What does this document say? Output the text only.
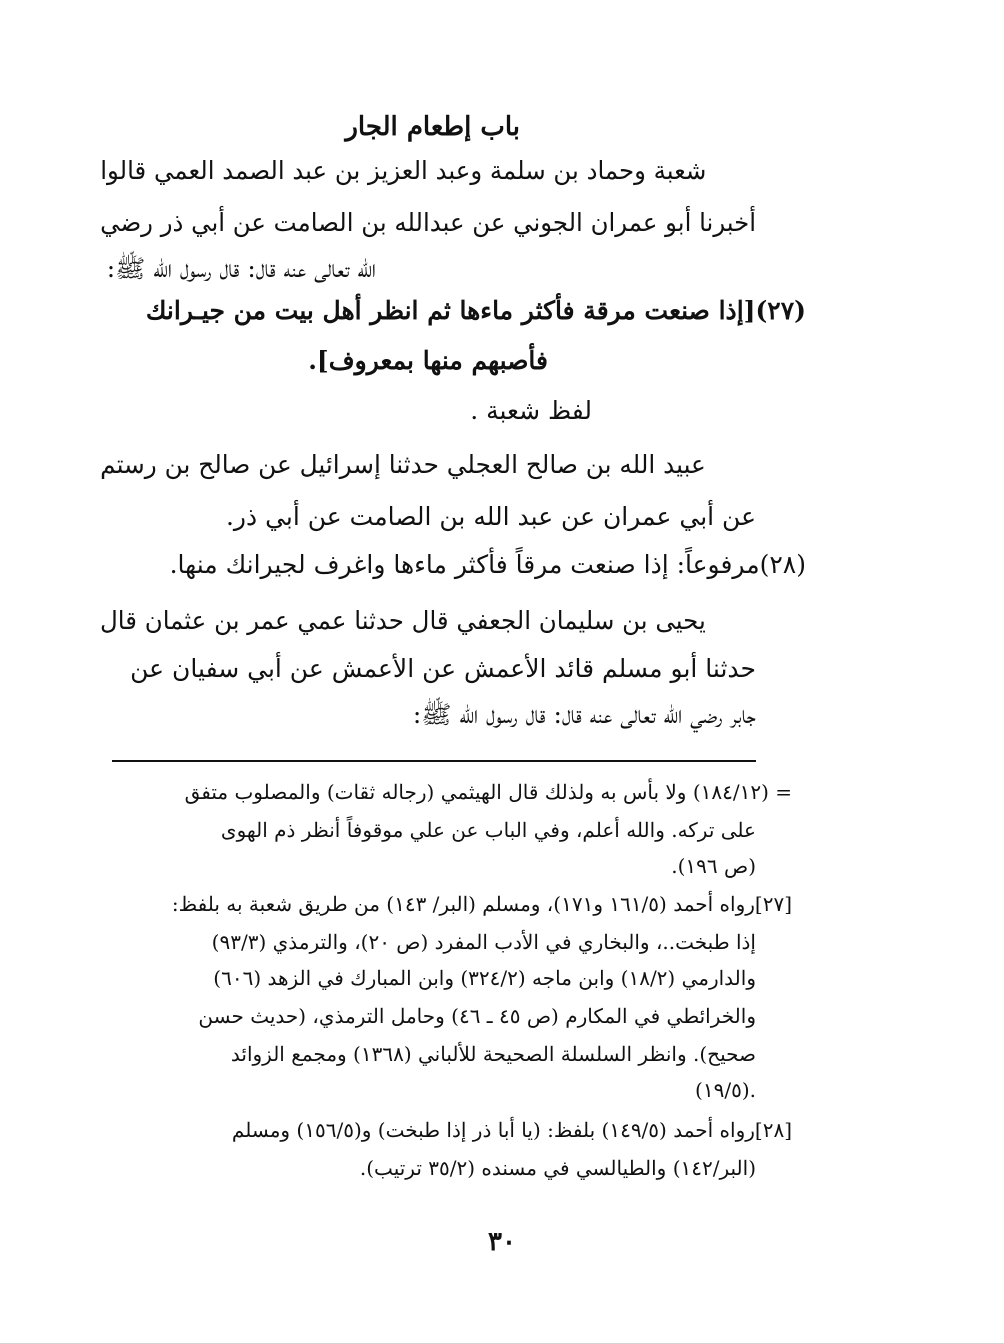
باب إطعام الجار
شعبة وحماد بن سلمة وعبد العزيز بن عبد الصمد العمي قالوا
أخبرنا أبو عمران الجوني عن عبدالله بن الصامت عن أبي ذر رضي
الله تعالى عنه قال: قال رسول الله ﷺ:
(٢٧)[إذا صنعت مرقة فأكثر ماءها ثم انظر أهل بيت من جيـرانك
فأصبهم منها بمعروف].
لفظ شعبة .
عبيد الله بن صالح العجلي حدثنا إسرائيل عن صالح بن رستم
عن أبي عمران عن عبد الله بن الصامت عن أبي ذر.
(٢٨)مرفوعاً: إذا صنعت مرقاً فأكثر ماءها واغرف لجيرانك منها.
يحيى بن سليمان الجعفي قال حدثنا عمي عمر بن عثمان قال
حدثنا أبو مسلم قائد الأعمش عن الأعمش عن أبي سفيان عن
جابر رضي الله تعالى عنه قال: قال رسول الله ﷺ:
= (١٨٤/١٢) ولا بأس به ولذلك قال الهيثمي (رجاله ثقات) والمصلوب متفق
على تركه. والله أعلم، وفي الباب عن علي موقوفاً أنظر ذم الهوى
(ص ١٩٦).
[٢٧]رواه أحمد (١٦١/٥ و١٧١)، ومسلم (البر/ ١٤٣) من طريق شعبة به بلفظ:
إذا طبخت..، والبخاري في الأدب المفرد (ص ٢٠)، والترمذي (٩٣/٣)
والدارمي (١٨/٢) وابن ماجه (٣٢٤/٢) وابن المبارك في الزهد (٦٠٦)
والخرائطي في المكارم (ص ٤٥ ـ ٤٦) وحامل الترمذي، (حديث حسن
صحيح). وانظر السلسلة الصحيحة للألباني (١٣٦٨) ومجمع الزوائد
(١٩/٥).
[٢٨]رواه أحمد (١٤٩/٥) بلفظ: (يا أبا ذر إذا طبخت) و(١٥٦/٥) ومسلم
(البر/١٤٢) والطيالسي في مسنده (٣٥/٢ ترتيب).
٣٠
